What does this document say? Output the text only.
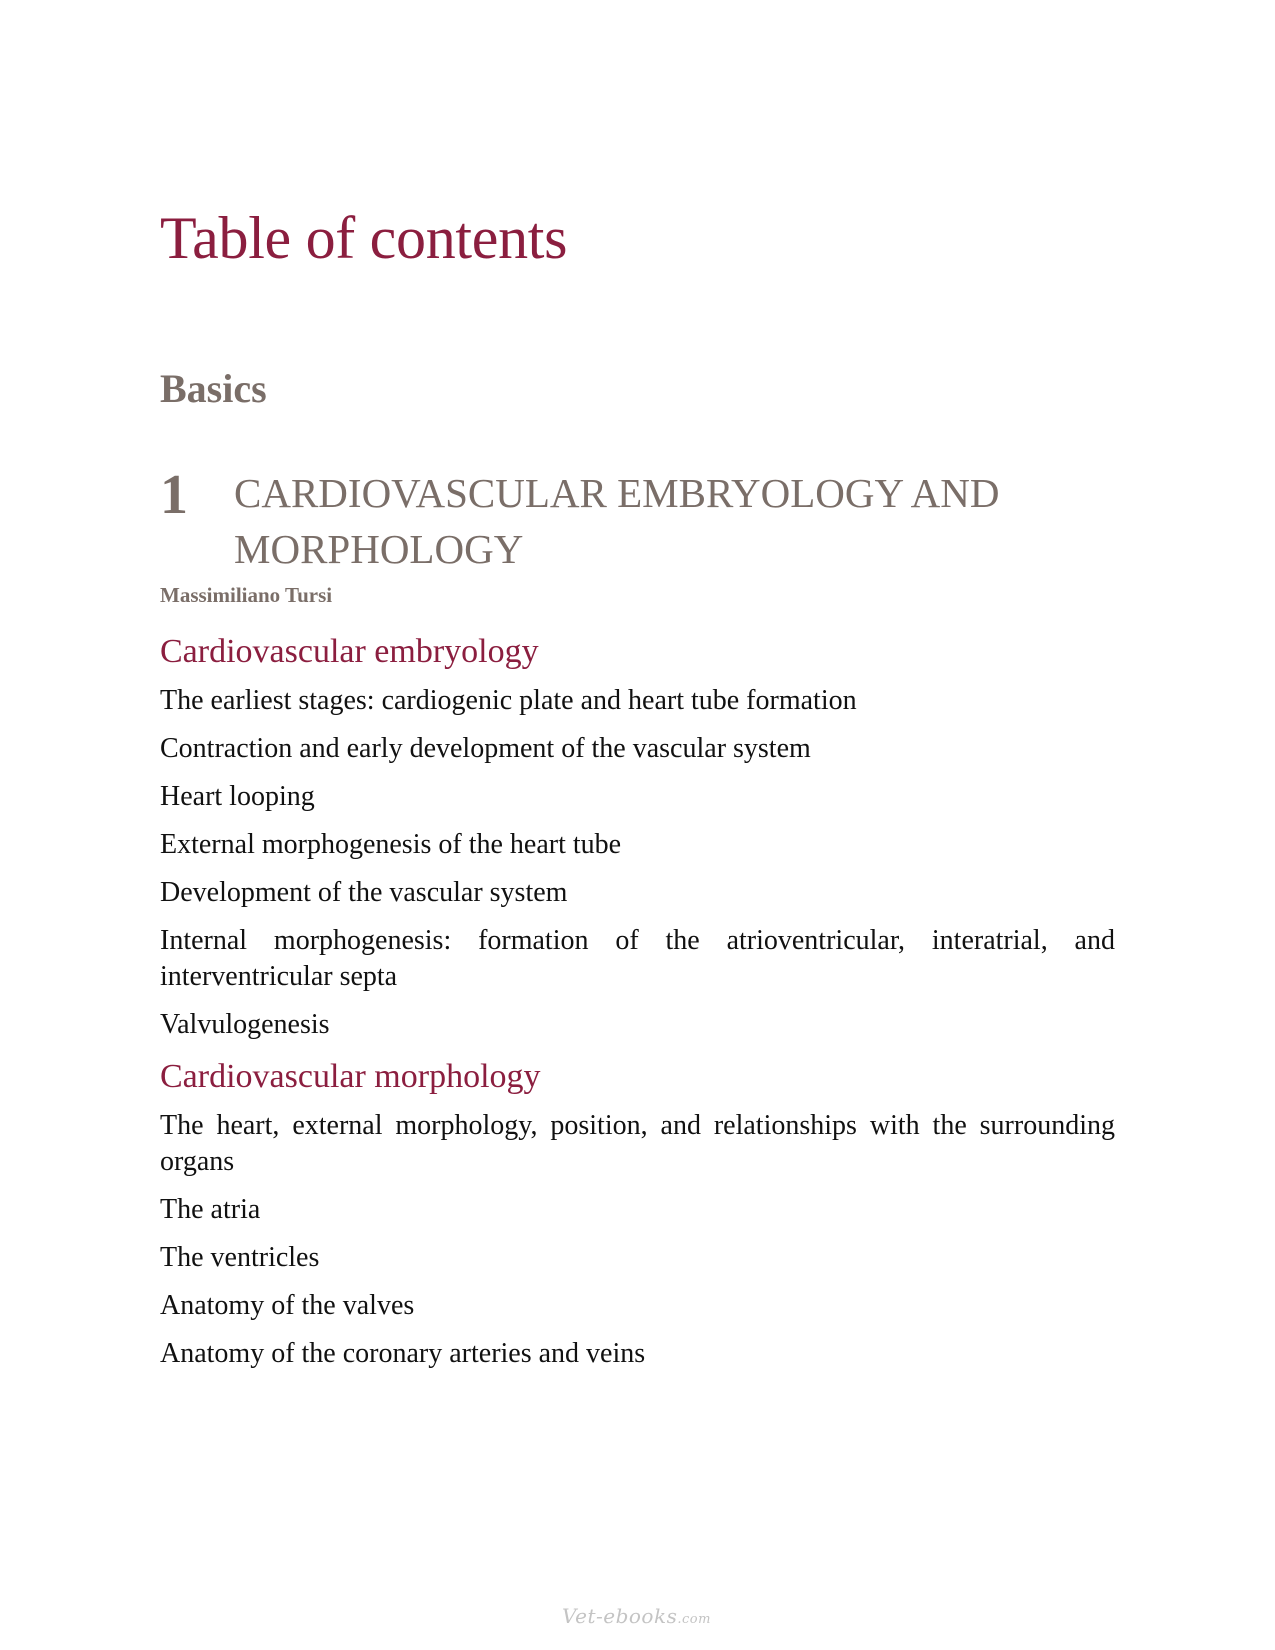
Table of contents
Basics
1	CARDIOVASCULAR EMBRYOLOGY AND MORPHOLOGY
Massimiliano Tursi
Cardiovascular embryology
The earliest stages: cardiogenic plate and heart tube formation
Contraction and early development of the vascular system
Heart looping
External morphogenesis of the heart tube
Development of the vascular system
Internal morphogenesis: formation of the atrioventricular, interatrial, and interventricular septa
Valvulogenesis
Cardiovascular morphology
The heart, external morphology, position, and relationships with the surrounding organs
The atria
The ventricles
Anatomy of the valves
Anatomy of the coronary arteries and veins
Vet-ebooks.com
